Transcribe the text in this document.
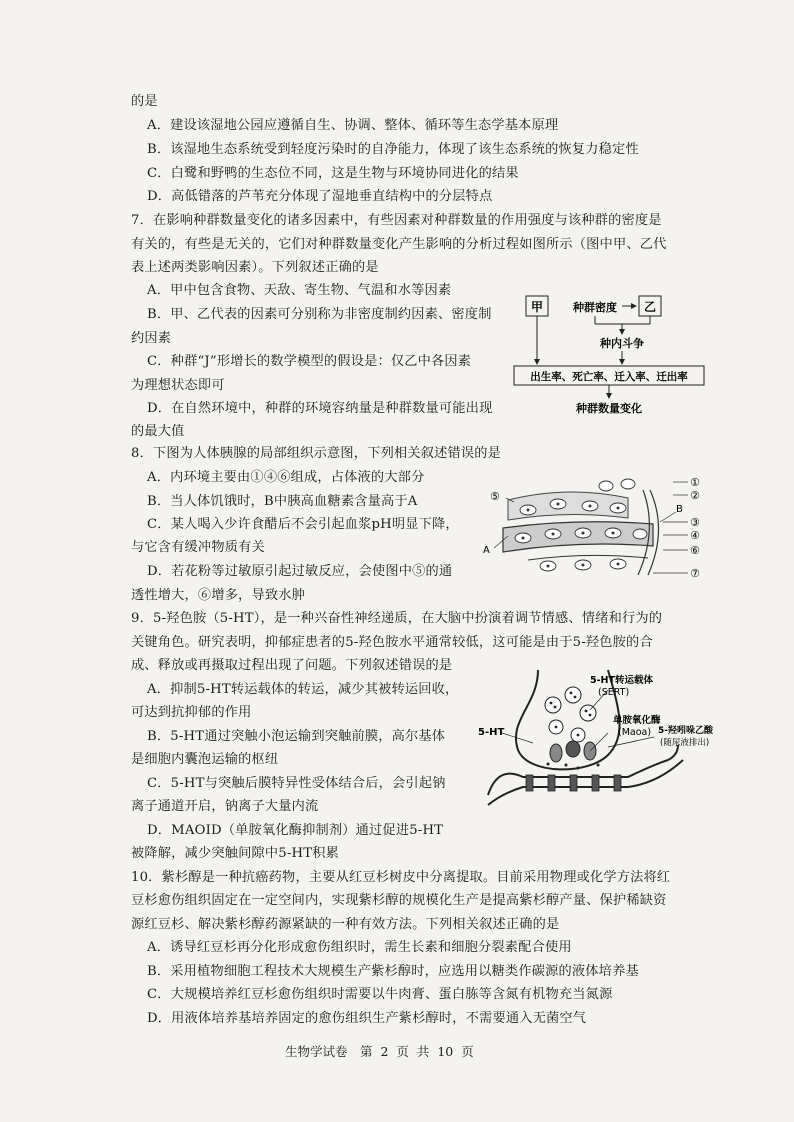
的是
A．建设该湿地公园应遵循自生、协调、整体、循环等生态学基本原理
B．该湿地生态系统受到轻度污染时的自净能力，体现了该生态系统的恢复力稳定性
C．白鹭和野鸭的生态位不同，这是生物与环境协同进化的结果
D．高低错落的芦苇充分体现了湿地垂直结构中的分层特点
7．在影响种群数量变化的诸多因素中，有些因素对种群数量的作用强度与该种群的密度是
有关的，有些是无关的，它们对种群数量变化产生影响的分析过程如图所示（图中甲、乙代
表上述两类影响因素）。下列叙述正确的是
A．甲中包含食物、天敌、寄生物、气温和水等因素
B．甲、乙代表的因素可分别称为非密度制约因素、密度制
约因素
C．种群“J”形增长的数学模型的假设是：仅乙中各因素
为理想状态即可
D．在自然环境中，种群的环境容纳量是种群数量可能出现
的最大值
8．下图为人体胰腺的局部组织示意图，下列相关叙述错误的是
A．内环境主要由①④⑥组成，占体液的大部分
B．当人体饥饿时，B中胰高血糖素含量高于A
C．某人喝入少许食醋后不会引起血浆pH明显下降，
与它含有缓冲物质有关
D．若花粉等过敏原引起过敏反应，会使图中⑤的通
透性增大，⑥增多，导致水肿
9．5-羟色胺（5-HT），是一种兴奋性神经递质，在大脑中扮演着调节情感、情绪和行为的
关键角色。研究表明，抑郁症患者的5-羟色胺水平通常较低，这可能是由于5-羟色胺的合
成、释放或再摄取过程出现了问题。下列叙述错误的是
A．抑制5-HT转运载体的转运，减少其被转运回收，
可达到抗抑郁的作用
B．5-HT通过突触小泡运输到突触前膜，高尔基体
是细胞内囊泡运输的枢纽
C．5-HT与突触后膜特异性受体结合后，会引起钠
离子通道开启，钠离子大量内流
D．MAOID（单胺氧化酶抑制剂）通过促进5-HT
被降解，减少突触间隙中5-HT积累
10．紫杉醇是一种抗癌药物，主要从红豆杉树皮中分离提取。目前采用物理或化学方法将红
豆杉愈伤组织固定在一定空间内，实现紫杉醇的规模化生产是提高紫杉醇产量、保护稀缺资
源红豆杉、解决紫杉醇药源紧缺的一种有效方法。下列相关叙述正确的是
A．诱导红豆杉再分化形成愈伤组织时，需生长素和细胞分裂素配合使用
B．采用植物细胞工程技术大规模生产紫杉醇时，应选用以糖类作碳源的液体培养基
C．大规模培养红豆杉愈伤组织时需要以牛肉膏、蛋白胨等含氮有机物充当氮源
D．用液体培养基培养固定的愈伤组织生产紫杉醇时，不需要通入无菌空气
甲	种群密度 乙
种内斗争
出生率、死亡率、迁入率、迁出率
种群数量变化
①
②
③
④
⑥
⑦
⑤
A
B
5-HT转运载体
(SERT)
5-HT
单胺氧化酶
(Maoa) 5-羟吲哚乙酸
(随尿液排出)
生物学试卷　第 2 页 共 10 页
